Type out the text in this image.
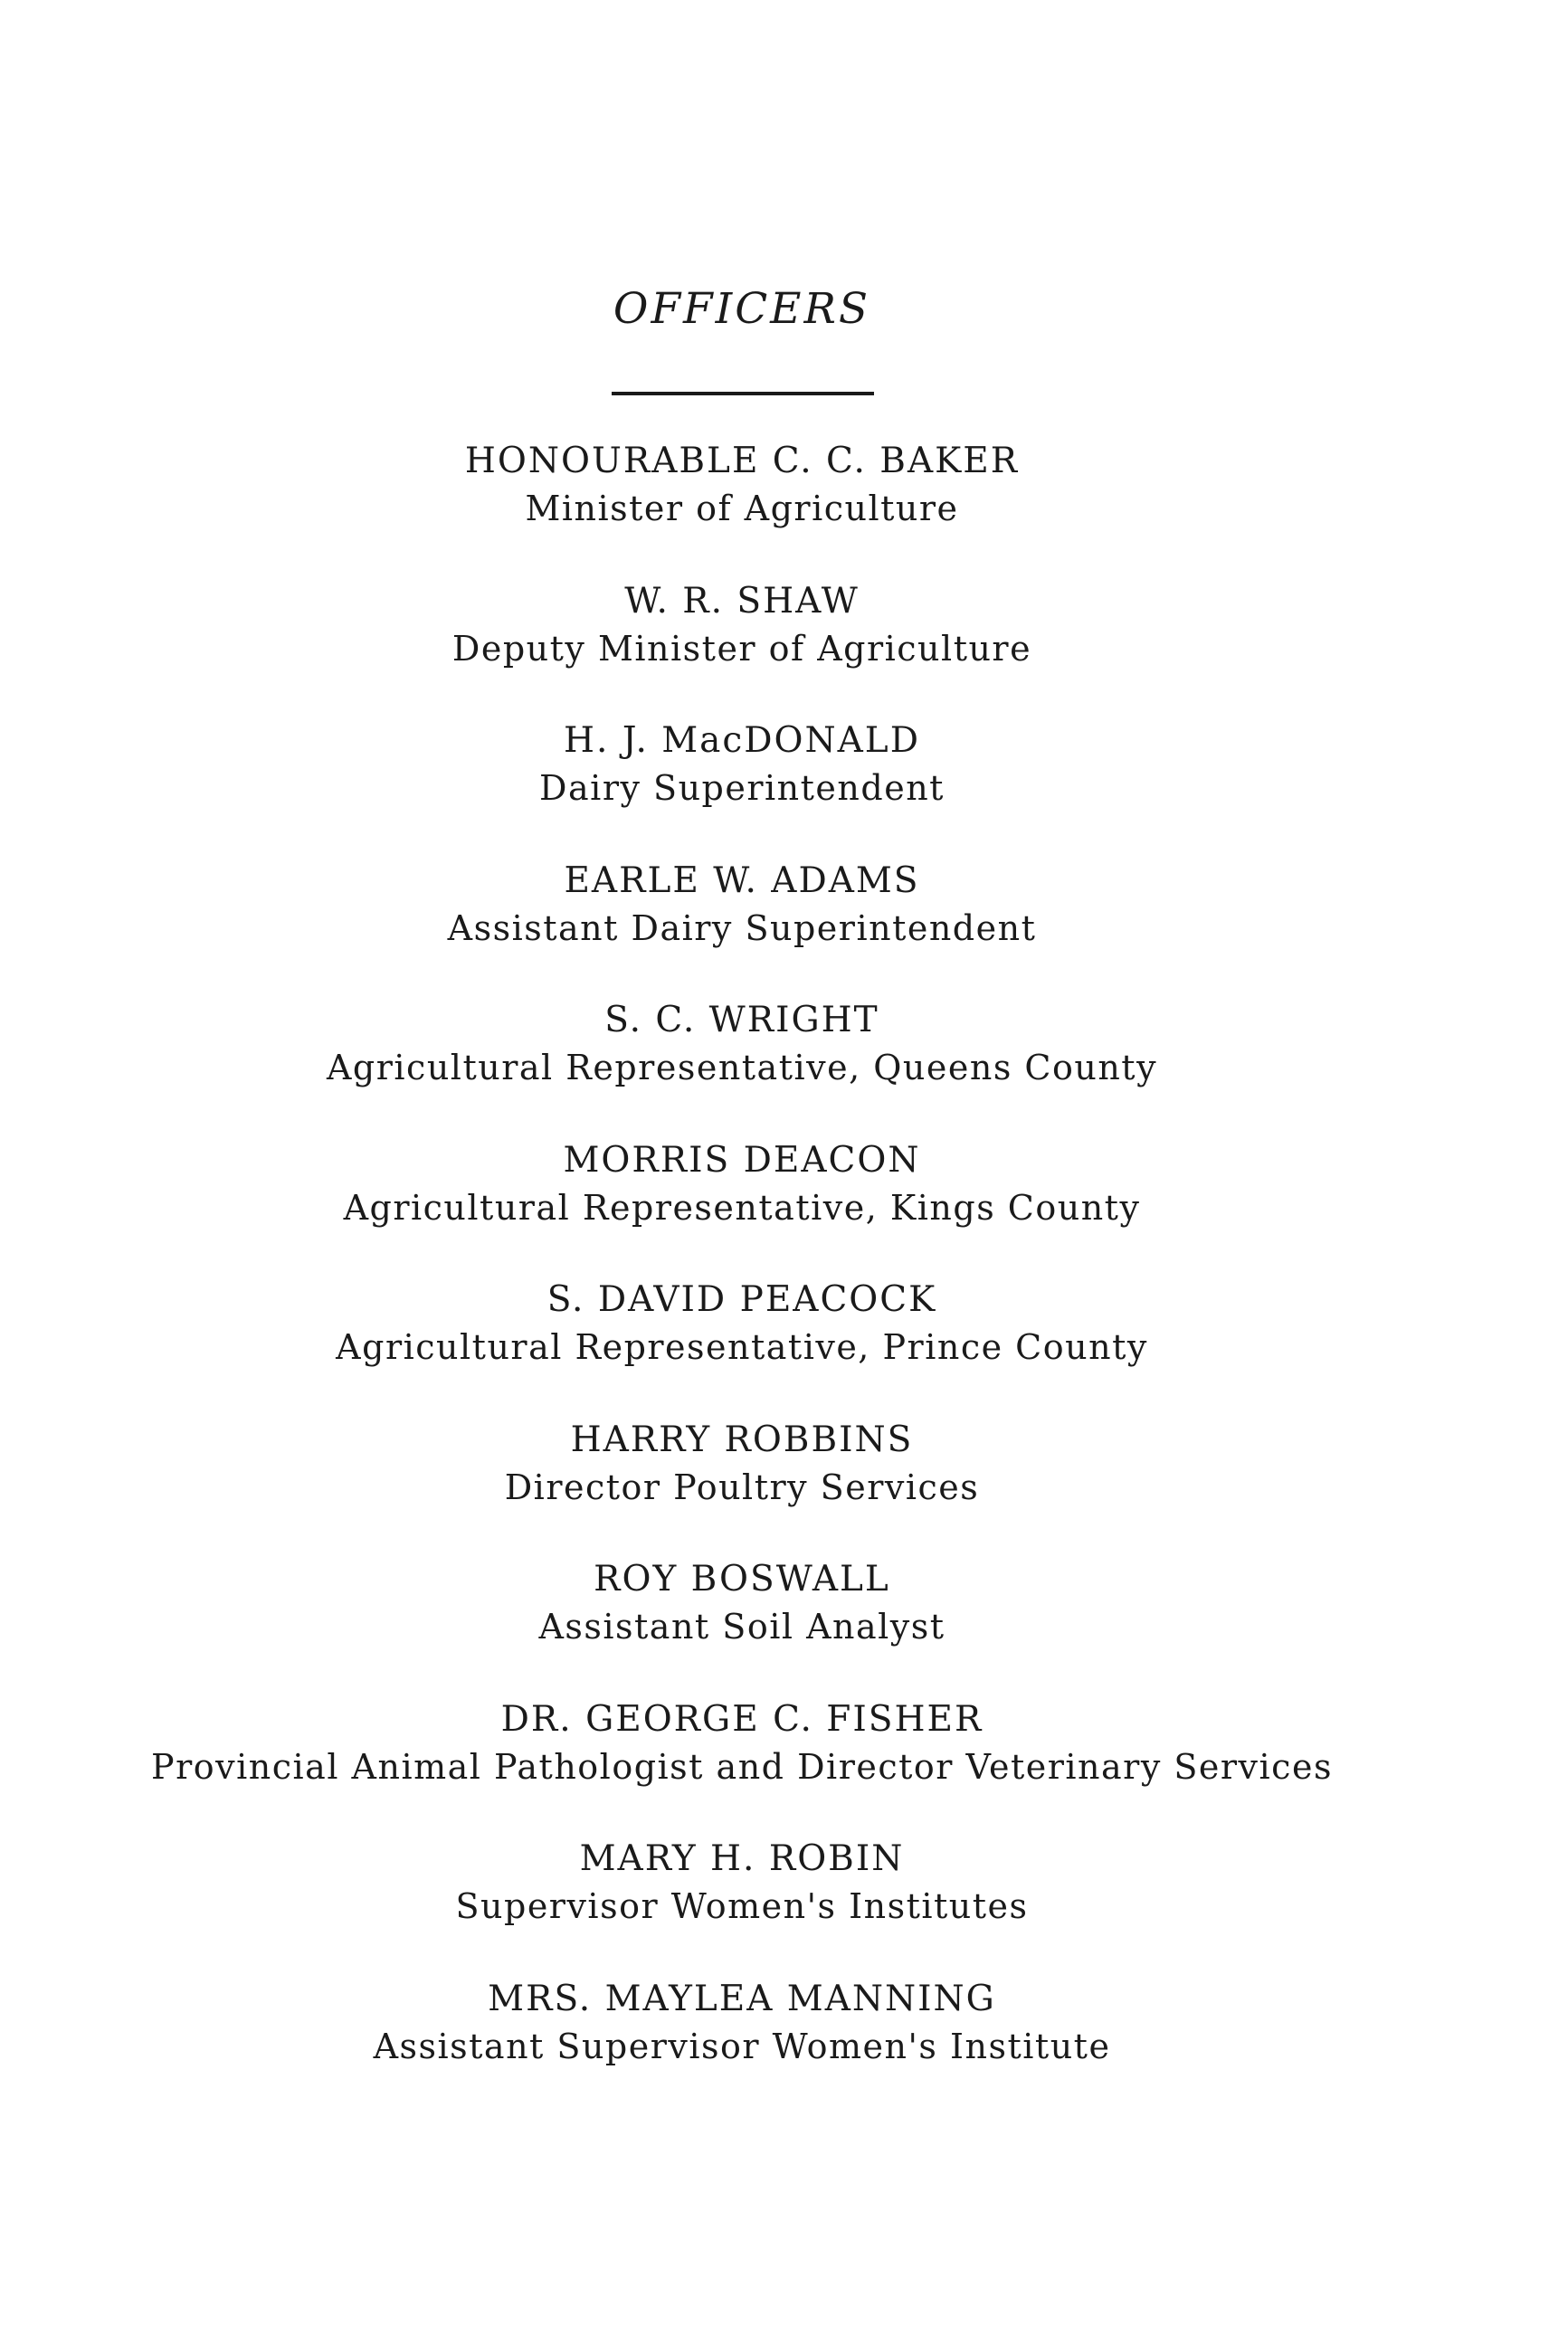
OFFICERS
HONOURABLE C. C. BAKER
Minister of Agriculture
W. R. SHAW
Deputy Minister of Agriculture
H. J. MacDONALD
Dairy Superintendent
EARLE W. ADAMS
Assistant Dairy Superintendent
S. C. WRIGHT
Agricultural Representative, Queens County
MORRIS DEACON
Agricultural Representative, Kings County
S. DAVID PEACOCK
Agricultural Representative, Prince County
HARRY ROBBINS
Director Poultry Services
ROY BOSWALL
Assistant Soil Analyst
DR. GEORGE C. FISHER
Provincial Animal Pathologist and Director Veterinary Services
MARY H. ROBIN
Supervisor Women's Institutes
MRS. MAYLEA MANNING
Assistant Supervisor Women's Institute
